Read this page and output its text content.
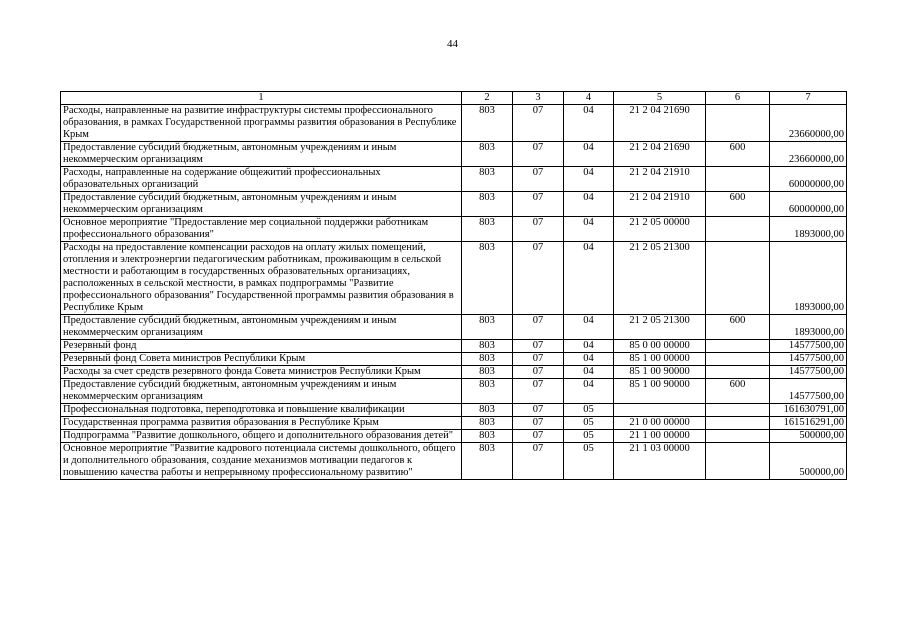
44
1	2	3	4	5	6	7
Расходы, направленные на развитие инфраструктуры системы профессионального образования, в рамках Государственной программы развития образования в Республике Крым	803	07	04	21 2 04 21690		23660000,00
Предоставление субсидий бюджетным, автономным учреждениям и иным некоммерческим организациям	803	07	04	21 2 04 21690	600	23660000,00
Расходы, направленные на содержание общежитий профессиональных образовательных организаций	803	07	04	21 2 04 21910		60000000,00
Предоставление субсидий бюджетным, автономным учреждениям и иным некоммерческим организациям	803	07	04	21 2 04 21910	600	60000000,00
Основное мероприятие "Предоставление мер социальной поддержки работникам профессионального образования"	803	07	04	21 2 05 00000		1893000,00
Расходы на предоставление компенсации расходов на оплату жилых помещений, отопления и электроэнергии педагогическим работникам, проживающим в сельской местности и работающим в государственных образовательных организациях, расположенных в сельской местности, в рамках подпрограммы "Развитие профессионального образования" Государственной программы развития образования в Республике Крым	803	07	04	21 2 05 21300		1893000,00
Предоставление субсидий бюджетным, автономным учреждениям и иным некоммерческим организациям	803	07	04	21 2 05 21300	600	1893000,00
Резервный фонд	803	07	04	85 0 00 00000		14577500,00
Резервный фонд Совета министров Республики Крым	803	07	04	85 1 00 00000		14577500,00
Расходы за счет средств резервного фонда Совета министров Республики Крым	803	07	04	85 1 00 90000		14577500,00
Предоставление субсидий бюджетным, автономным учреждениям и иным некоммерческим организациям	803	07	04	85 1 00 90000	600	14577500,00
Профессиональная подготовка, переподготовка и повышение квалификации	803	07	05			161630791,00
Государственная программа развития образования в Республике Крым	803	07	05	21 0 00 00000		161516291,00
Подпрограмма "Развитие дошкольного, общего и дополнительного образования детей"	803	07	05	21 1 00 00000		500000,00
Основное мероприятие "Развитие кадрового потенциала системы дошкольного, общего и дополнительного образования, создание механизмов мотивации педагогов к повышению качества работы и непрерывному профессиональному развитию"	803	07	05	21 1 03 00000		500000,00
